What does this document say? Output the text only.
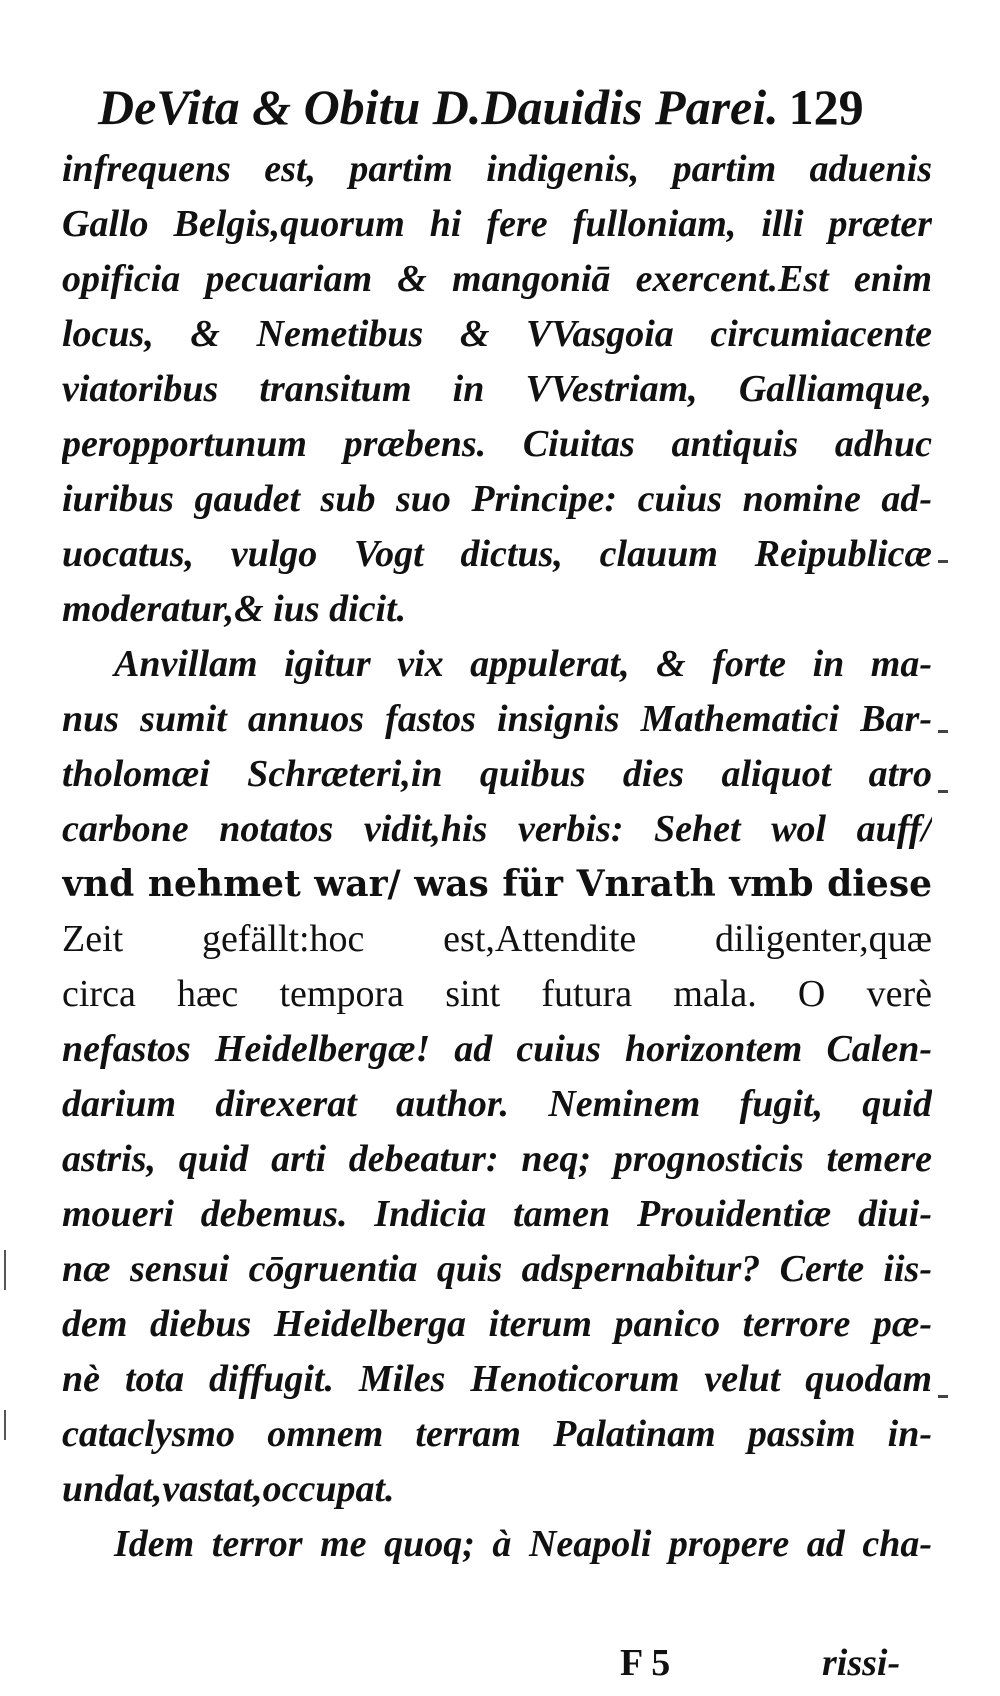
DeVita & Obitu D.Dauidis Parei. 129
infrequens est, partim indigenis, partim aduenis
Gallo Belgis,quorum hi fere fulloniam, illi præter
opificia pecuariam & mangoniā exercent.Est enim
locus, & Nemetibus & VVasgoia circumiacente
viatoribus transitum in VVestriam, Galliamque,
peropportunum præbens. Ciuitas antiquis adhuc
iuribus gaudet sub suo Principe: cuius nomine ad-
uocatus, vulgo Vogt dictus, clauum Reipublicæ
moderatur,& ius dicit.
Anvillam igitur vix appulerat, & forte in ma-
nus sumit annuos fastos insignis Mathematici Bar-
tholomæi Schræteri,in quibus dies aliquot atro
carbone notatos vidit,his verbis: Sehet wol auff/
vnd nehmet war/ was für Vnrath vmb diese
Zeit gefällt:hoc est,Attendite diligenter,quæ
circa hæc tempora sint futura mala. O verè
nefastos Heidelbergæ! ad cuius horizontem Calen-
darium direxerat author. Neminem fugit, quid
astris, quid arti debeatur: neq; prognosticis temere
moueri debemus. Indicia tamen Prouidentiæ diui-
næ sensui cōgruentia quis adspernabitur? Certe iis-
dem diebus Heidelberga iterum panico terrore pæ-
nè tota diffugit. Miles Henoticorum velut quodam
cataclysmo omnem terram Palatinam passim in-
undat,vastat,occupat.
Idem terror me quoq; à Neapoli propere ad cha-
F 5	rissi-
